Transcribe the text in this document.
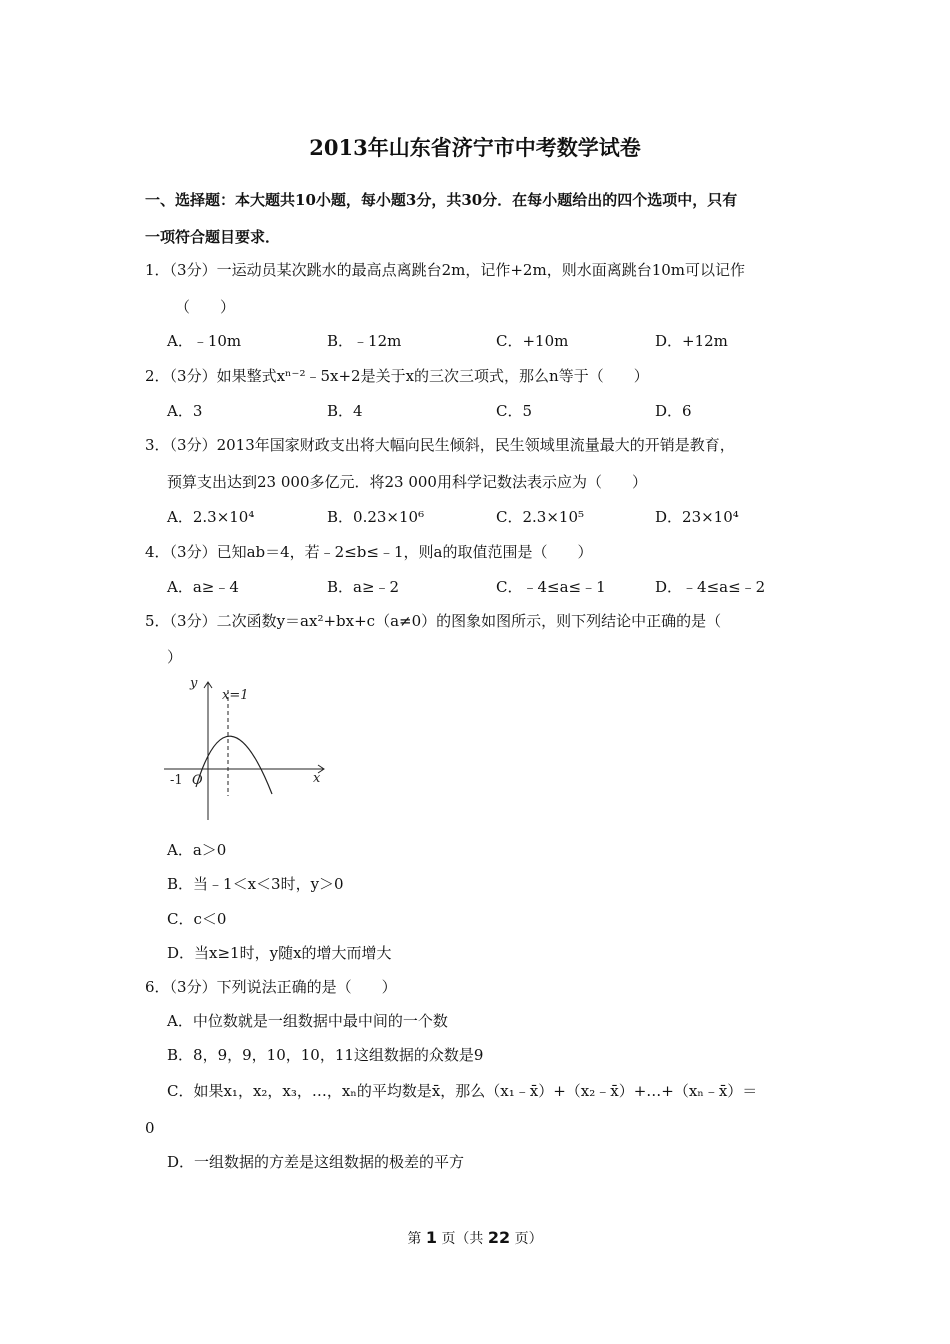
2013年山东省济宁市中考数学试卷
一、选择题：本大题共10小题，每小题3分，共30分．在每小题给出的四个选项中，只有
一项符合题目要求．
1．（3分）一运动员某次跳水的最高点离跳台2m，记作+2m，则水面离跳台10m可以记作
（　　）
A．﹣10m	B．﹣12m	C．+10m	D．+12m
2．（3分）如果整式xⁿ⁻²﹣5x+2是关于x的三次三项式，那么n等于（　　）
A．3	B．4	C．5	D．6
3．（3分）2013年国家财政支出将大幅向民生倾斜，民生领域里流量最大的开销是教育，
预算支出达到23 000多亿元．将23 000用科学记数法表示应为（　　）
A．2.3×10⁴	B．0.23×10⁶	C．2.3×10⁵	D．23×10⁴
4．（3分）已知ab＝4，若﹣2≤b≤﹣1，则a的取值范围是（　　）
A．a≥﹣4	B．a≥﹣2	C．﹣4≤a≤﹣1	D．﹣4≤a≤﹣2
5．（3分）二次函数y＝ax²+bx+c（a≠0）的图象如图所示，则下列结论中正确的是（
）
y
x=1
x
-1 O
A．a＞0
B．当﹣1＜x＜3时，y＞0
C．c＜0
D．当x≥1时，y随x的增大而增大
6．（3分）下列说法正确的是（　　）
A．中位数就是一组数据中最中间的一个数
B．8，9，9，10，10，11这组数据的众数是9
C．如果x₁，x₂，x₃，…，xₙ的平均数是x̄，那么（x₁﹣x̄）+（x₂﹣x̄）+…+（xₙ﹣x̄）＝
0
D．一组数据的方差是这组数据的极差的平方
第 1 页（共 22 页）
